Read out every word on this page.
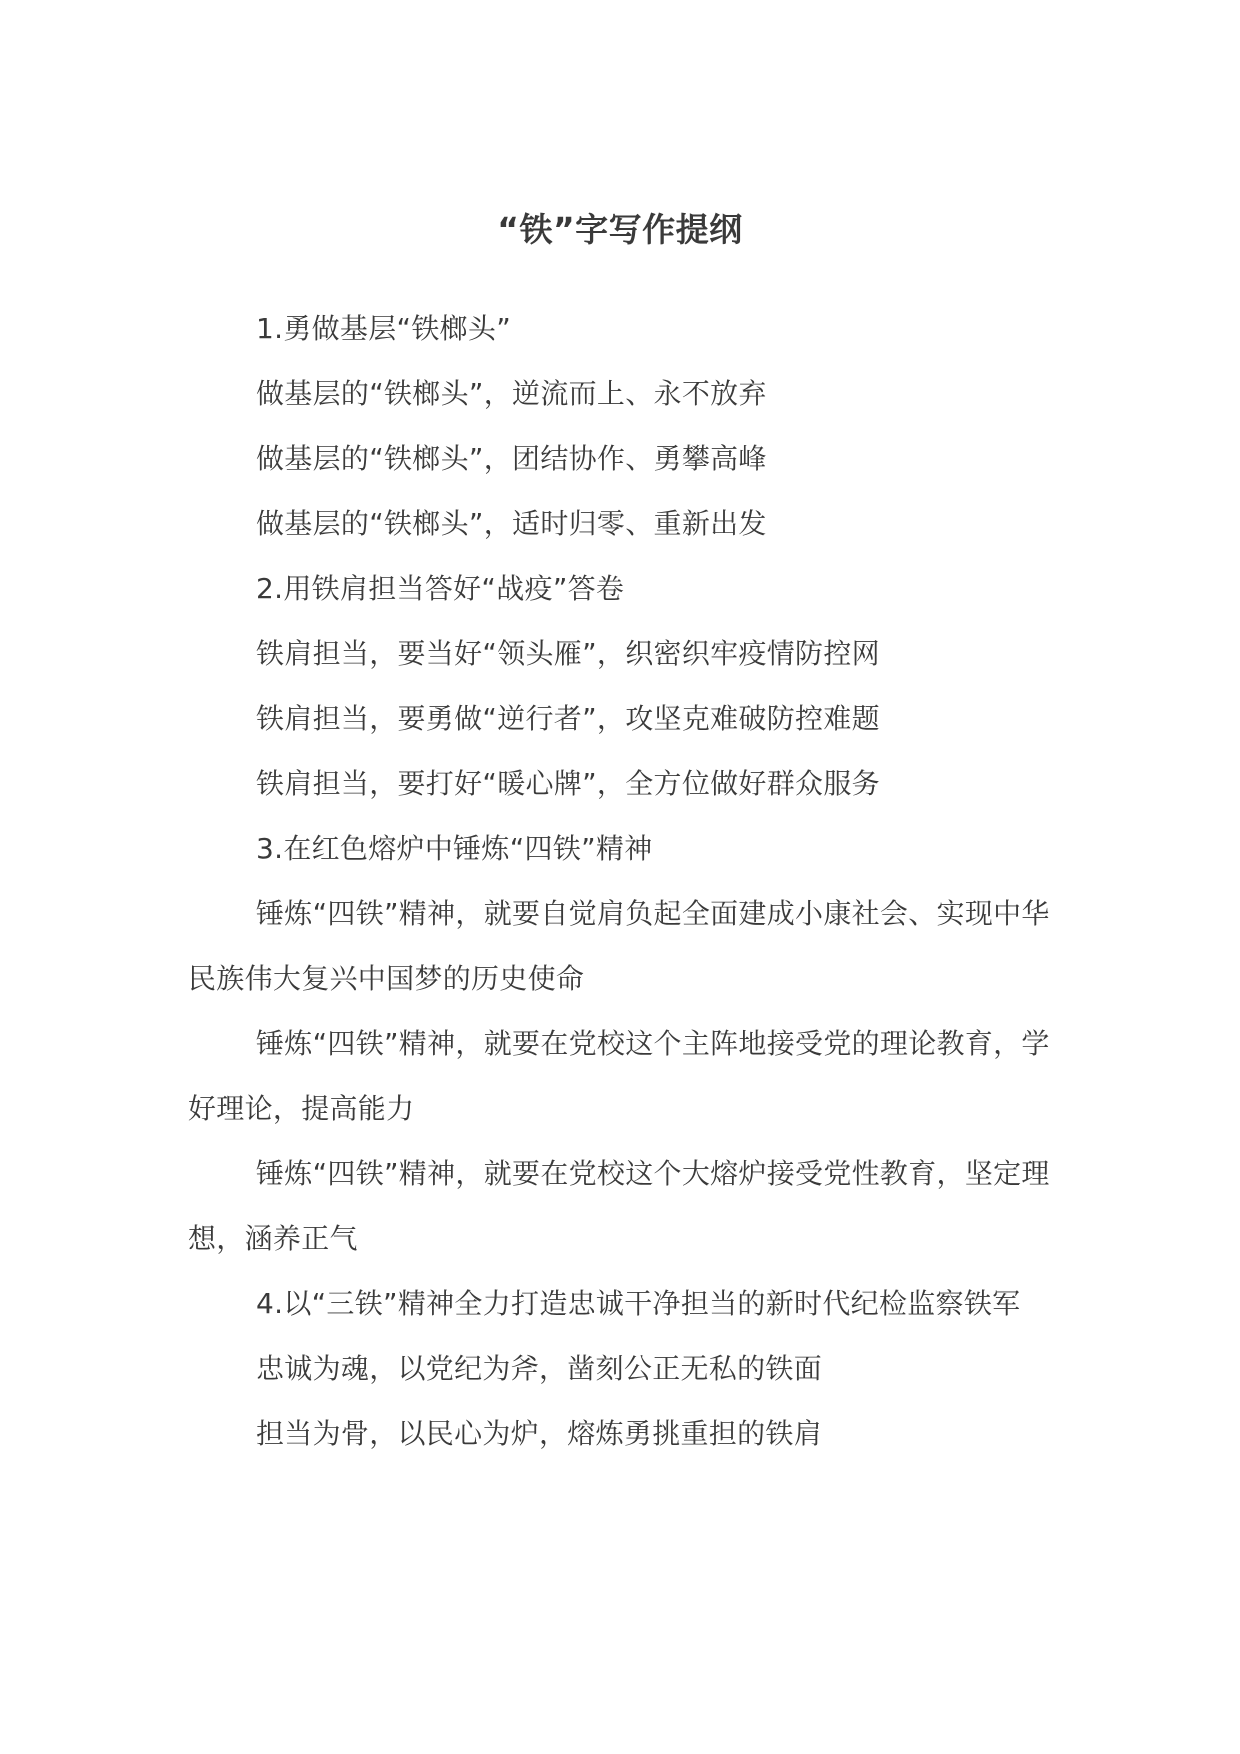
“铁”字写作提纲

1.勇做基层“铁榔头”

做基层的“铁榔头”，逆流而上、永不放弃

做基层的“铁榔头”，团结协作、勇攀高峰

做基层的“铁榔头”，适时归零、重新出发

2.用铁肩担当答好“战疫”答卷

铁肩担当，要当好“领头雁”，织密织牢疫情防控网

铁肩担当，要勇做“逆行者”，攻坚克难破防控难题

铁肩担当，要打好“暖心牌”，全方位做好群众服务

3.在红色熔炉中锤炼“四铁”精神

锤炼“四铁”精神，就要自觉肩负起全面建成小康社会、实现中华民族伟大复兴中国梦的历史使命

锤炼“四铁”精神，就要在党校这个主阵地接受党的理论教育，学好理论，提高能力

锤炼“四铁”精神，就要在党校这个大熔炉接受党性教育，坚定理想，涵养正气

4.以“三铁”精神全力打造忠诚干净担当的新时代纪检监察铁军

忠诚为魂，以党纪为斧，凿刻公正无私的铁面

担当为骨，以民心为炉，熔炼勇挑重担的铁肩
